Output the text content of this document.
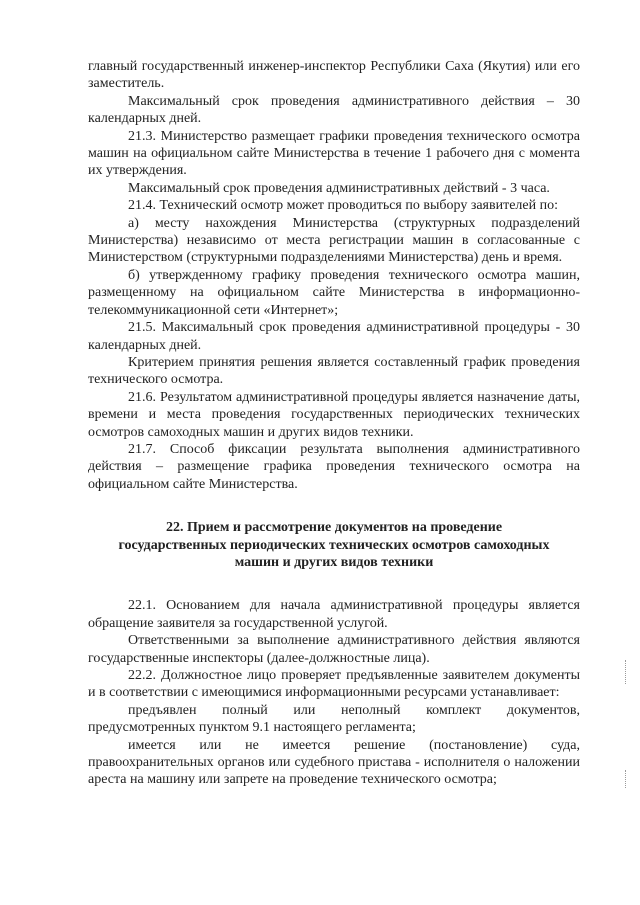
главный государственный инженер-инспектор Республики Саха (Якутия) или его заместитель.

Максимальный срок проведения административного действия – 30 календарных дней.

21.3. Министерство размещает графики проведения технического осмотра машин на официальном сайте Министерства в течение 1 рабочего дня с момента их утверждения.

Максимальный срок проведения административных действий - 3 часа.

21.4. Технический осмотр может проводиться по выбору заявителей по:

а) месту нахождения Министерства (структурных подразделений Министерства) независимо от места регистрации машин в согласованные с Министерством (структурными подразделениями Министерства) день и время.

б) утвержденному графику проведения технического осмотра машин, размещенному на официальном сайте Министерства в информационно-телекоммуникационной сети «Интернет»;

21.5. Максимальный срок проведения административной процедуры - 30 календарных дней.

Критерием принятия решения является составленный график проведения технического осмотра.

21.6. Результатом административной процедуры является назначение даты, времени и места проведения государственных периодических технических осмотров самоходных машин и других видов техники.

21.7. Способ фиксации результата выполнения административного действия – размещение графика проведения технического осмотра на официальном сайте Министерства.

22. Прием и рассмотрение документов на проведение
государственных периодических технических осмотров самоходных
машин и других видов техники

22.1. Основанием для начала административной процедуры является обращение заявителя за государственной услугой.

Ответственными за выполнение административного действия являются государственные инспекторы (далее-должностные лица).

22.2. Должностное лицо проверяет предъявленные заявителем документы и в соответствии с имеющимися информационными ресурсами устанавливает:

предъявлен полный или неполный комплект документов, предусмотренных пунктом 9.1 настоящего регламента;

имеется или не имеется решение (постановление) суда, правоохранительных органов или судебного пристава - исполнителя о наложении ареста на машину или запрете на проведение технического осмотра;
